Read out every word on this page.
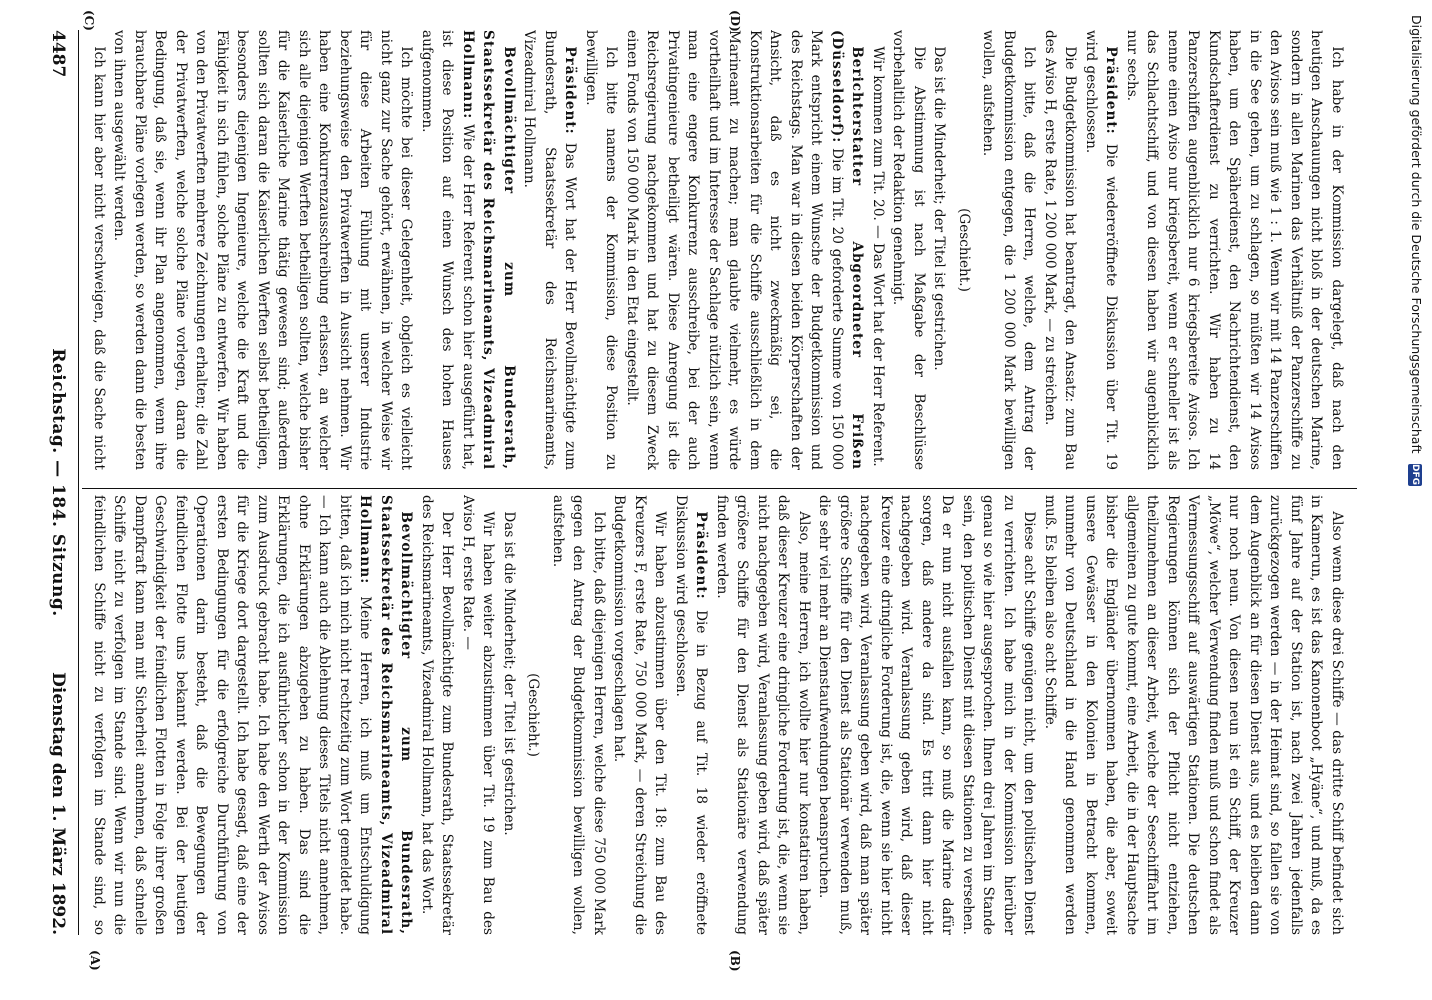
Dienstag den 1. März 1892.
Reichstag. — 184. Sitzung.
4487
(A)	(B)
(C)	(D)

Also wenn diese drei Schiffe — das dritte Schiff befindet sich in Kamerun, es ist das Kanonenboot „Hyäne“, und muß, da es fünf Jahre auf der Station ist, nach zwei Jahren jedenfalls zurückgezogen werden — in der Heimat sind, so fallen sie von dem Augenblick an für diesen Dienst aus, und es bleiben dann nur noch neun. Von diesen neun ist ein Schiff, der Kreuzer „Möwe“, welcher Verwendung finden muß und schon findet als Vermessungsschiff auf auswärtigen Stationen. Die deutschen Regierungen können sich der Pflicht nicht entziehen, theilzunehmen an dieser Arbeit, welche der Seeschifffahrt im allgemeinen zu gute kommt, eine Arbeit, die in der Hauptsache bisher die Engländer übernommen haben, die aber, soweit unsere Gewässer in den Kolonien in Betracht kommen, nunmehr von Deutschland in die Hand genommen werden muß. Es bleiben also acht Schiffe.

Diese acht Schiffe genügen nicht, um den politischen Dienst zu verrichten. Ich habe mich in der Kommission hierüber genau so wie hier ausgesprochen. Ihnen drei Jahren im Stande sein, den politischen Dienst mit diesen Stationen zu versehen. Da er nun nicht ausfallen kann, so muß die Marine dafür sorgen, daß andere da sind. Es tritt dann hier nicht nachgegeben wird. Veranlassung geben wird, daß dieser Kreuzer eine dringliche Forderung ist, die, wenn sie hier nicht nachgegeben wird, Veranlassung geben wird, daß man später größere Schiffe für den Dienst als Stationär verwenden muß, die sehr viel mehr an Dienstaufwendungen beanspruchen.

Also, meine Herren, ich wollte hier nur konstatiren haben, daß dieser Kreuzer eine dringliche Forderung ist, die, wenn sie nicht nachgegeben wird, Veranlassung geben wird, daß später größere Schiffe für den Dienst als Stationäre verwendung finden werden.

Präsident: Die in Bezug auf Tit. 18 wieder eröffnete Diskussion wird geschlossen.

Wir haben abzustimmen über den Tit. 18: zum Bau des Kreuzers F, erste Rate, 750 000 Mark, — deren Streichung die Budgetkommission vorgeschlagen hat.

Ich bitte, daß diejenigen Herren, welche diese 750 000 Mark gegen den Antrag der Budgetkommission bewilligen wollen, aufstehen.

(Geschieht.)

Das ist die Minderheit; der Titel ist gestrichen.

Wir haben weiter abzustimmen über Tit. 19 zum Bau des Aviso H, erste Rate. —

Der Herr Bevollmächtigte zum Bundesrath, Staatssekretär des Reichsmarineamts, Vizeadmiral Hollmann, hat das Wort.

Bevollmächtigter zum Bundesrath, Staatssekretär des Reichsmarineamts, Vizeadmiral Hollmann: Meine Herren, ich muß um Entschuldigung bitten, daß ich mich nicht rechtzeitig zum Wort gemeldet habe. — Ich kann auch die Ablehnung dieses Titels nicht annehmen, ohne Erklärungen abzugeben zu haben. Das sind die Erklärungen, die ich ausführlicher schon in der Kommission zum Ausdruck gebracht habe. Ich habe den Werth der Avisos für die Kriege dort dargestellt. Ich habe gesagt, daß eine der ersten Bedingungen für die erfolgreiche Durchführung von Operationen darin besteht, daß die Bewegungen der feindlichen Flotte uns bekannt werden. Bei der heutigen Geschwindigkeit der feindlichen Flotten in Folge ihrer großen Dampfkraft kann man mit Sicherheit annehmen, daß schnelle Schiffe nicht zu verfolgen im Stande sind. Wenn wir nun die feindlichen Schiffe nicht zu verfolgen im Stande sind, so

Ich habe in der Kommission dargelegt, daß nach den heutigen Anschauungen nicht bloß in der deutschen Marine, sondern in allen Marinen das Verhältniß der Panzerschiffe zu den Avisos sein muß wie 1 : 1. Wenn wir mit 14 Panzerschiffen in die See gehen, um zu schlagen, so müßten wir 14 Avisos haben, um den Späherdienst, den Nachrichtendienst, den Kundschafterdienst zu verrichten. Wir haben zu 14 Panzerschiffen augenblicklich nur 6 kriegsbereite Avisos. Ich nenne einen Aviso nur kriegsbereit, wenn er schneller ist als das Schlachtschiff, und von diesen haben wir augenblicklich nur sechs.

Präsident: Die wiedereröffnete Diskussion über Tit. 19 wird geschlossen.

Die Budgetkommission hat beantragt, den Ansatz: zum Bau des Aviso H, erste Rate, 1 200 000 Mark, — zu streichen.

Ich bitte, daß die Herren, welche, dem Antrag der Budgetkommission entgegen, die 1 200 000 Mark bewilligen wollen, aufstehen.

(Geschieht.)

Das ist die Minderheit; der Titel ist gestrichen.

Die Abstimmung ist nach Maßgabe der Beschlüsse vorbehaltlich der Redaktion genehmigt.

Wir kommen zum Tit. 20. — Das Wort hat der Herr Referent.

Berichterstatter Abgeordneter Frißen (Düsseldorf): Die im Tit. 20 geforderte Summe von 150 000 Mark entspricht einem Wunsche der Budgetkommission und des Reichstags. Man war in diesen beiden Körperschaften der Ansicht, daß es nicht zweckmäßig sei, die Konstruktionsarbeiten für die Schiffe ausschließlich in dem Marineamt zu machen; man glaubte vielmehr, es würde vortheilhaft und im Interesse der Sachlage nützlich sein, wenn man eine engere Konkurrenz ausschreibe, bei der auch Privatingenieure betheiligt wären. Diese Anregung ist die Reichsregierung nachgekommen und hat zu diesem Zweck einen Fonds von 150 000 Mark in den Etat eingestellt.

Ich bitte namens der Kommission, diese Position zu bewilligen.

Präsident: Das Wort hat der Herr Bevollmächtigte zum Bundesrath, Staatssekretär des Reichsmarineamts, Vizeadmiral Hollmann.

Bevollmächtigter zum Bundesrath, Staatssekretär des Reichsmarineamts, Vizeadmiral Hollmann: Wie der Herr Referent schon hier ausgeführt hat, ist diese Position auf einen Wunsch des hohen Hauses aufgenommen.

Ich möchte bei dieser Gelegenheit, obgleich es vielleicht nicht ganz zur Sache gehört, erwähnen, in welcher Weise wir für diese Arbeiten Fühlung mit unserer Industrie beziehungsweise den Privatwerften in Aussicht nehmen. Wir haben eine Konkurrenzausschreibung erlassen, an welcher sich alle diejenigen Werften betheiligen sollten, welche bisher für die Kaiserliche Marine thätig gewesen sind; außerdem sollten sich daran die Kaiserlichen Werften selbst betheiligen, besonders diejenigen Ingenieure, welche die Kraft und die Fähigkeit in sich fühlen, solche Pläne zu entwerfen. Wir haben von den Privatwerften mehrere Zeichnungen erhalten; die Zahl der Privatwerften, welche solche Pläne vorlegen, daran die Bedingung, daß sie, wenn ihr Plan angenommen, wenn ihre brauchbare Pläne vorlegen werden, so werden dann die besten von ihnen ausgewählt werden.

Ich kann hier aber nicht verschweigen, daß die Sache nicht	Digitalisierung gefördert durch die Deutsche Forschungsgemeinschaft DFG
